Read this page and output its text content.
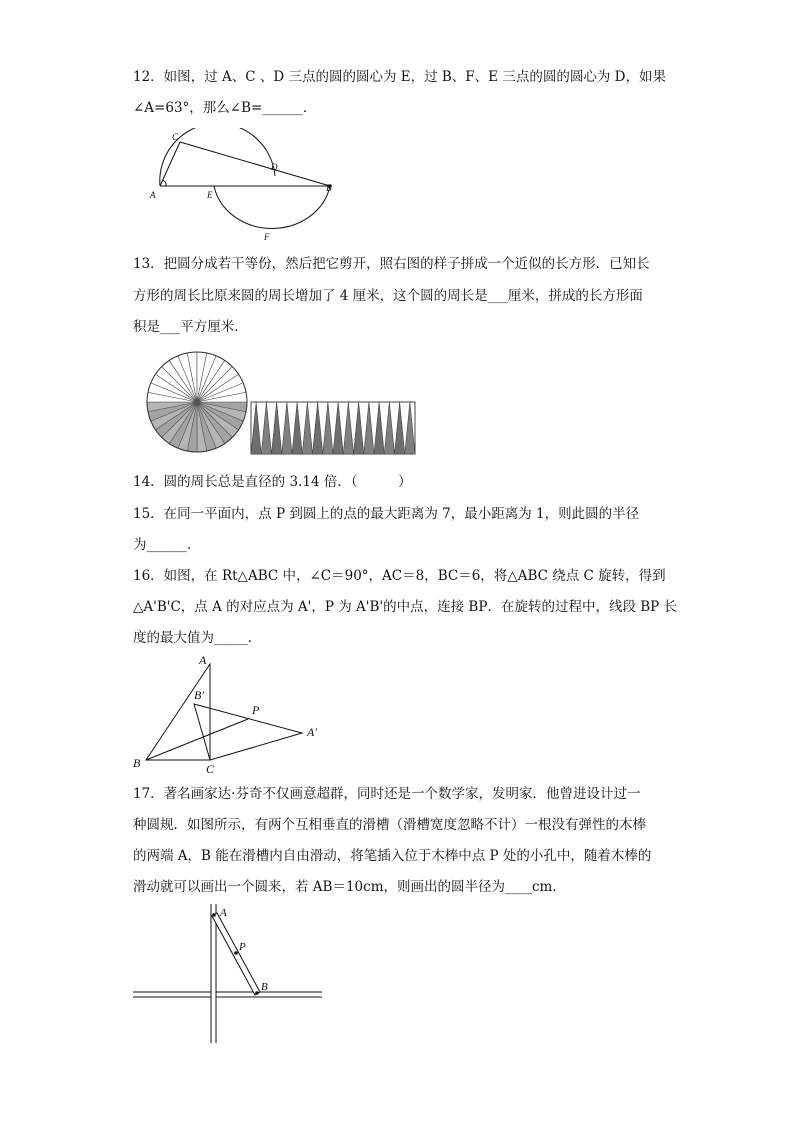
12．如图，过 A、C 、D 三点的圆的圆心为 E，过 B、F、E 三点的圆的圆心为 D，如果
∠A=63°，那么∠B=______．
C
D
A	E
B
F
13．把圆分成若干等份，然后把它剪开，照右图的样子拼成一个近似的长方形．已知长
方形的周长比原来圆的周长增加了 4 厘米，这个圆的周长是___厘米，拼成的长方形面
积是___平方厘米．
14．圆的周长总是直径的 3.14 倍．（　　　）
15．在同一平面内，点 P 到圆上的点的最大距离为 7，最小距离为 1，则此圆的半径
为______．
16．如图，在 Rt△ABC 中，∠C＝90°，AC＝8，BC＝6，将△ABC 绕点 C 旋转，得到
△A'B'C，点 A 的对应点为 A'，P 为 A'B'的中点，连接 BP．在旋转的过程中，线段 BP 长
度的最大值为_____．
A
B'
P
A'
B	C
17．著名画家达·芬奇不仅画意超群，同时还是一个数学家，发明家．他曾进设计过一
种圆规．如图所示，有两个互相垂直的滑槽（滑槽宽度忽略不计）一根没有弹性的木棒
的两端 A，B 能在滑槽内自由滑动，将笔插入位于木棒中点 P 处的小孔中，随着木棒的
滑动就可以画出一个圆来，若 AB＝10cm，则画出的圆半径为____cm．
A
P
B
